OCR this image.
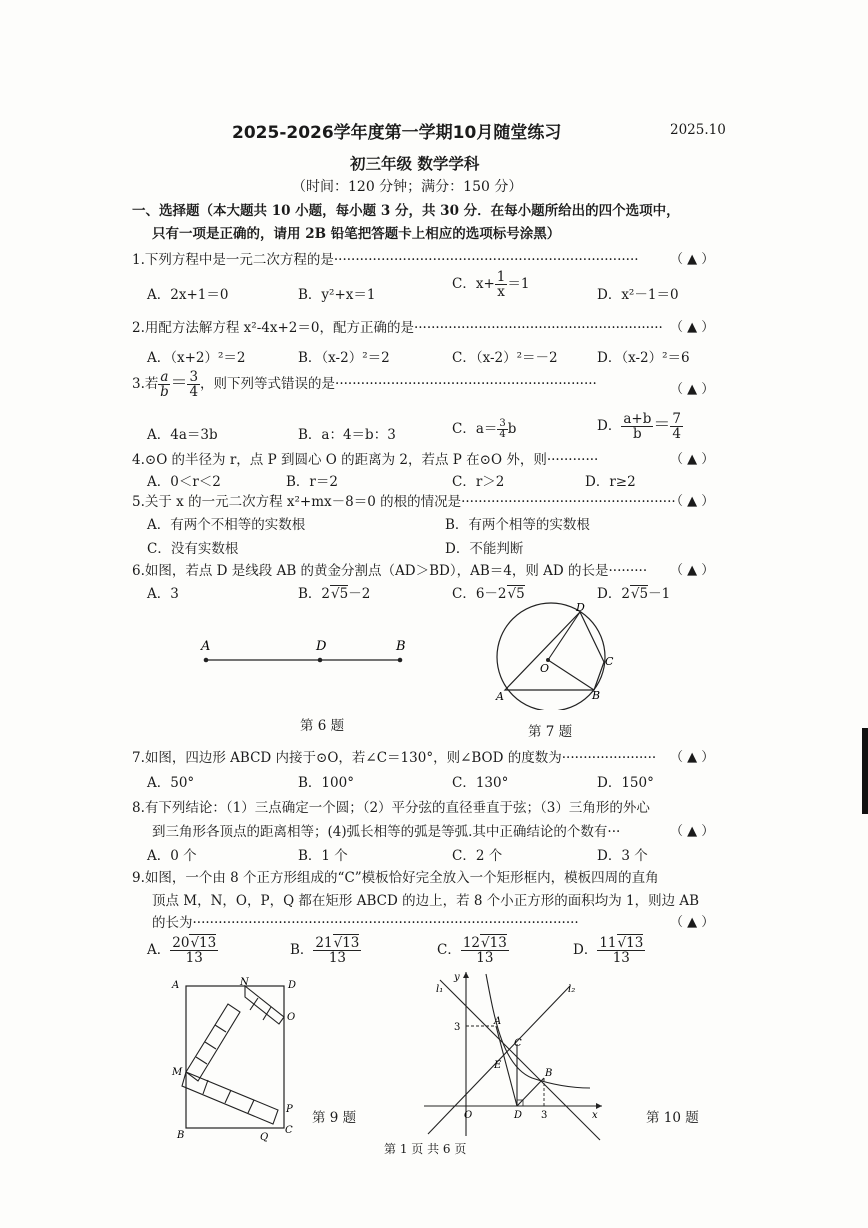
2025-2026学年度第一学期10月随堂练习	2025.10
初三年级 数学学科
（时间：120 分钟；满分：150 分）
一、选择题（本大题共 10 小题，每小题 3 分，共 30 分．在每小题所给出的四个选项中，
只有一项是正确的，请用 2B 铅笔把答题卡上相应的选项标号涂黑）
1.下列方程中是一元二次方程的是······································································· （ ▲ ）
A．2x+1＝0	B．y²+x＝1
C．$x+ \frac{1}{x} =1$
D．x²－1＝0
2.用配方法解方程 x²-4x+2＝0，配方正确的是·························································· （ ▲ ）
A．（x+2）²＝2	B．（x-2）²＝2	C．（x-2）²＝－2	D．（x-2）²＝6
3.若 $\frac{a}{b} = \frac{3}{4}$ ，则下列等式错误的是·····························································	（ ▲ ）
A．4a＝3b	B．a：4＝b：3	C．$a= \frac{3}{4}$ b	D． $\frac{a+b}{b} = \frac{7}{4}$
4.⊙O 的半径为 r，点 P 到圆心 O 的距离为 2，若点 P 在⊙O 外，则············	（ ▲ ）
A．0＜r＜2	B．r＝2	C．r＞2	D．r≥2
5.关于 x 的一元二次方程 x²+mx－8＝0 的根的情况是··················································
（ ▲ ）
A．有两个不相等的实数根	B．有两个相等的实数根
C．没有实数根	D．不能判断
6.如图，若点 D 是线段 AB 的黄金分割点（AD＞BD），AB＝4，则 AD 的长是········· （ ▲ ）
A．3	B．2√5－2	C．6－2√5	D．2√5－1
A	D	B
第 6 题
D
O
C
A	B
第 7 题
7.如图，四边形 ABCD 内接于⊙O，若∠C＝130°，则∠BOD 的度数为······················ （ ▲ ）
A．50°	B．100°	C．130°	D．150°
8.有下列结论：（1）三点确定一个圆；（2）平分弦的直径垂直于弦；（3）三角形的外心
到三角形各顶点的距离相等；(4)弧长相等的弧是等弧.其中正确结论的个数有···	（ ▲ ）
A．0 个	B．1 个	C．2 个	D．3 个
9.如图，一个由 8 个正方形组成的“C”模板恰好完全放入一个矩形框内，模板四周的直角
顶点 M，N，O，P，Q 都在矩形 ABCD 的边上，若 8 个小正方形的面积均为 1，则边 AB
的长为··························································································	（ ▲ ）
A． $\frac{20√13}{13}$	B． $\frac{21√13}{13}$	C． $\frac{12√13}{13}$	D． $\frac{11√13}{13}$
A	N	D
O
M
P
B	Q
C
第 9 题
y
l₁	l₂
3
A
C
E
B
O	D 3	x	第 10 题
第 1 页 共 6 页
